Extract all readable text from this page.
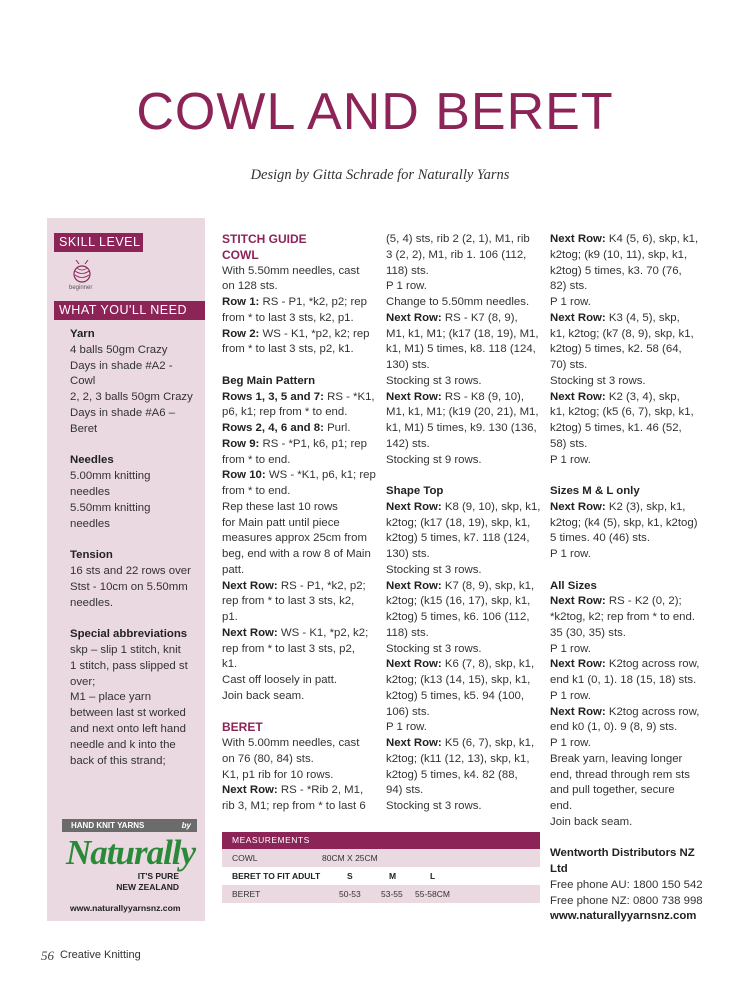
COWL AND BERET
Design by Gitta Schrade for Naturally Yarns
SKILL LEVEL
beginner
WHAT YOU'LL NEED
Yarn
4 balls 50gm Crazy
Days in shade #A2 -
Cowl
2, 2, 3 balls 50gm Crazy
Days in shade #A6 –
Beret
Needles
5.00mm knitting
needles
5.50mm knitting
needles
Tension
16 sts and 22 rows over
Stst - 10cm on 5.50mm
needles.
Special abbreviations
skp – slip 1 stitch, knit
1 stitch, pass slipped st
over;
M1 – place yarn
between last st worked
and next onto left hand
needle and k into the
back of this strand;
HAND KNIT YARNS	by
Naturally
IT'S PURE
NEW ZEALAND
www.naturallyyarnsnz.com
STITCH GUIDE
COWL
With 5.50mm needles, cast
on 128 sts.
Row 1: RS - P1, *k2, p2; rep
from * to last 3 sts, k2, p1.
Row 2: WS - K1, *p2, k2; rep
from * to last 3 sts, p2, k1.
Beg Main Pattern
Rows 1, 3, 5 and 7: RS - *K1,
p6, k1; rep from * to end.
Rows 2, 4, 6 and 8: Purl.
Row 9: RS - *P1, k6, p1; rep
from * to end.
Row 10: WS - *K1, p6, k1; rep
from * to end.
Rep these last 10 rows
for Main patt until piece
measures approx 25cm from
beg, end with a row 8 of Main
patt.
Next Row: RS - P1, *k2, p2;
rep from * to last 3 sts, k2,
p1.
Next Row: WS - K1, *p2, k2;
rep from * to last 3 sts, p2,
k1.
Cast off loosely in patt.
Join back seam.
BERET
With 5.00mm needles, cast
on 76 (80, 84) sts.
K1, p1 rib for 10 rows.
Next Row: RS - *Rib 2, M1,
rib 3, M1; rep from * to last 6
(5, 4) sts, rib 2 (2, 1), M1, rib
3 (2, 2), M1, rib 1. 106 (112,
118) sts.
P 1 row.
Change to 5.50mm needles.
Next Row: RS - K7 (8, 9),
M1, k1, M1; (k17 (18, 19), M1,
k1, M1) 5 times, k8. 118 (124,
130) sts.
Stocking st 3 rows.
Next Row: RS - K8 (9, 10),
M1, k1, M1; (k19 (20, 21), M1,
k1, M1) 5 times, k9. 130 (136,
142) sts.
Stocking st 9 rows.
Shape Top
Next Row: K8 (9, 10), skp, k1,
k2tog; (k17 (18, 19), skp, k1,
k2tog) 5 times, k7. 118 (124,
130) sts.
Stocking st 3 rows.
Next Row: K7 (8, 9), skp, k1,
k2tog; (k15 (16, 17), skp, k1,
k2tog) 5 times, k6. 106 (112,
118) sts.
Stocking st 3 rows.
Next Row: K6 (7, 8), skp, k1,
k2tog; (k13 (14, 15), skp, k1,
k2tog) 5 times, k5. 94 (100,
106) sts.
P 1 row.
Next Row: K5 (6, 7), skp, k1,
k2tog; (k11 (12, 13), skp, k1,
k2tog) 5 times, k4. 82 (88,
94) sts.
Stocking st 3 rows.
Next Row: K4 (5, 6), skp, k1,
k2tog; (k9 (10, 11), skp, k1,
k2tog) 5 times, k3. 70 (76,
82) sts.
P 1 row.
Next Row: K3 (4, 5), skp,
k1, k2tog; (k7 (8, 9), skp, k1,
k2tog) 5 times, k2. 58 (64,
70) sts.
Stocking st 3 rows.
Next Row: K2 (3, 4), skp,
k1, k2tog; (k5 (6, 7), skp, k1,
k2tog) 5 times, k1. 46 (52,
58) sts.
P 1 row.
Sizes M & L only
Next Row: K2 (3), skp, k1,
k2tog; (k4 (5), skp, k1, k2tog)
5 times. 40 (46) sts.
P 1 row.
All Sizes
Next Row: RS - K2 (0, 2);
*k2tog, k2; rep from * to end.
35 (30, 35) sts.
P 1 row.
Next Row: K2tog across row,
end k1 (0, 1). 18 (15, 18) sts.
P 1 row.
Next Row: K2tog across row,
end k0 (1, 0). 9 (8, 9) sts.
P 1 row.
Break yarn, leaving longer
end, thread through rem sts
and pull together, secure
end.
Join back seam.
Wentworth Distributors NZ Ltd
Free phone AU: 1800 150 542
Free phone NZ: 0800 738 998
www.naturallyyarnsnz.com
MEASUREMENTS
COWL	80CM X 25CM
BERET TO FIT ADULT	S	M	L
BERET	50-53 53-55 55-58CM
56 Creative Knitting
